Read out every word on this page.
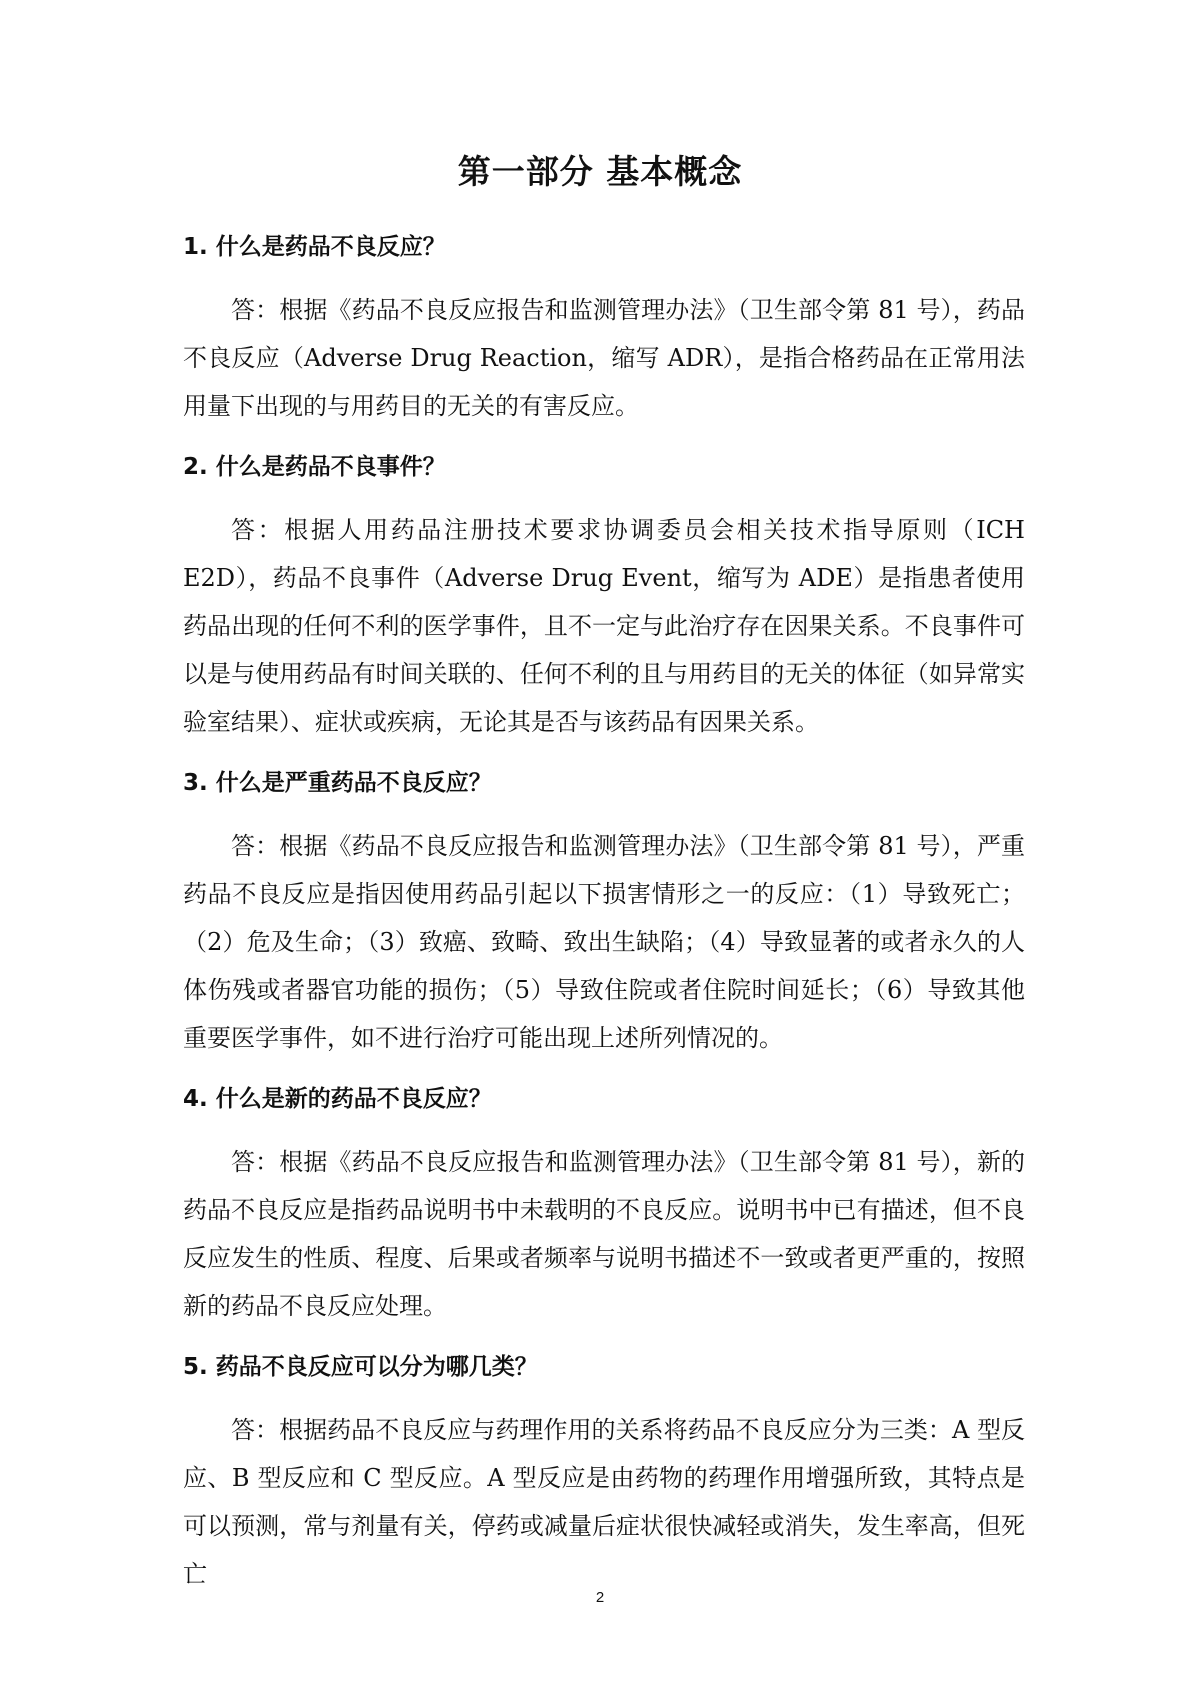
第一部分 基本概念
1. 什么是药品不良反应？

答：根据《药品不良反应报告和监测管理办法》（卫生部令第 81 号），药品不良反应（Adverse Drug Reaction，缩写 ADR），是指合格药品在正常用法用量下出现的与用药目的无关的有害反应。

2. 什么是药品不良事件？

答：根据人用药品注册技术要求协调委员会相关技术指导原则（ICH E2D），药品不良事件（Adverse Drug Event，缩写为 ADE）是指患者使用药品出现的任何不利的医学事件，且不一定与此治疗存在因果关系。不良事件可以是与使用药品有时间关联的、任何不利的且与用药目的无关的体征（如异常实验室结果）、症状或疾病，无论其是否与该药品有因果关系。

3. 什么是严重药品不良反应？

答：根据《药品不良反应报告和监测管理办法》（卫生部令第 81 号），严重药品不良反应是指因使用药品引起以下损害情形之一的反应：（1）导致死亡；（2）危及生命；（3）致癌、致畸、致出生缺陷；（4）导致显著的或者永久的人体伤残或者器官功能的损伤；（5）导致住院或者住院时间延长；（6）导致其他重要医学事件，如不进行治疗可能出现上述所列情况的。

4. 什么是新的药品不良反应？

答：根据《药品不良反应报告和监测管理办法》（卫生部令第 81 号），新的药品不良反应是指药品说明书中未载明的不良反应。说明书中已有描述，但不良反应发生的性质、程度、后果或者频率与说明书描述不一致或者更严重的，按照新的药品不良反应处理。

5. 药品不良反应可以分为哪几类？

答：根据药品不良反应与药理作用的关系将药品不良反应分为三类：A 型反应、B 型反应和 C 型反应。A 型反应是由药物的药理作用增强所致，其特点是可以预测，常与剂量有关，停药或减量后症状很快减轻或消失，发生率高，但死亡

2
